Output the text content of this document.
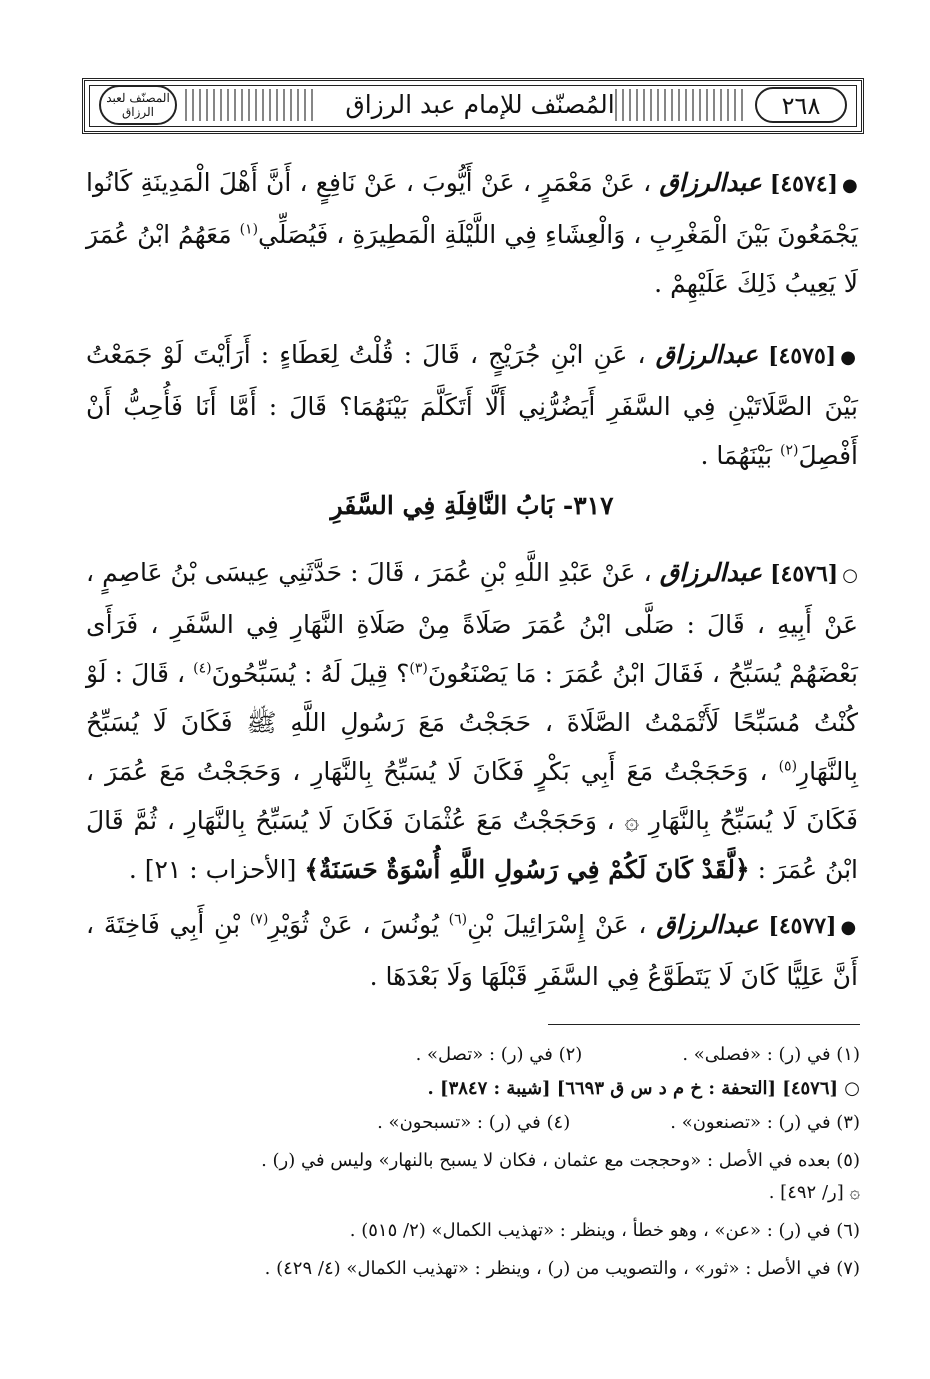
المُصنّف للإمام عبد الرزاق	٢٦٨
المصنّف لعبد الرزاق
●[٤٥٧٤] عبدالرزاق ، عَنْ مَعْمَرٍ ، عَنْ أَيُّوبَ ، عَنْ نَافِعٍ ، أَنَّ أَهْلَ الْمَدِينَةِ كَانُوا يَجْمَعُونَ بَيْنَ الْمَغْرِبِ ، وَالْعِشَاءِ فِي اللَّيْلَةِ الْمَطِيرَةِ ، فَيُصَلِّي$^{(١)}$ مَعَهُمُ ابْنُ عُمَرَ لَا يَعِيبُ ذَلِكَ عَلَيْهِمْ .
●[٤٥٧٥] عبدالرزاق ، عَنِ ابْنِ جُرَيْجٍ ، قَالَ : قُلْتُ لِعَطَاءٍ : أَرَأَيْتَ لَوْ جَمَعْتُ بَيْنَ الصَّلَاتَيْنِ فِي السَّفَرِ أَيَضُرُّنِي أَلَّا أَتَكَلَّمَ بَيْنَهُمَا؟ قَالَ : أَمَّا أَنَا فَأُحِبُّ أَنْ أَفْصِلَ$^{(٢)}$ بَيْنَهُمَا .
٣١٧- بَابُ النَّافِلَةِ فِي السَّفَرِ
○[٤٥٧٦] عبدالرزاق ، عَنْ عَبْدِ اللَّهِ بْنِ عُمَرَ ، قَالَ : حَدَّثَنِي عِيسَى بْنُ عَاصِمٍ ، عَنْ أَبِيهِ ، قَالَ : صَلَّى ابْنُ عُمَرَ صَلَاةً مِنْ صَلَاةِ النَّهَارِ فِي السَّفَرِ ، فَرَأَى بَعْضَهُمْ يُسَبِّحُ ، فَقَالَ ابْنُ عُمَرَ : مَا يَصْنَعُونَ$^{(٣)}$؟ قِيلَ لَهُ : يُسَبِّحُونَ$^{(٤)}$ ، قَالَ : لَوْ كُنْتُ مُسَبِّحًا لَأَتْمَمْتُ الصَّلَاةَ ، حَجَجْتُ مَعَ رَسُولِ اللَّهِ ﷺ فَكَانَ لَا يُسَبِّحُ بِالنَّهَارِ$^{(٥)}$ ، وَحَجَجْتُ مَعَ أَبِي بَكْرٍ فَكَانَ لَا يُسَبِّحُ بِالنَّهَارِ ، وَحَجَجْتُ مَعَ عُمَرَ ، فَكَانَ لَا يُسَبِّحُ بِالنَّهَارِ ۞ ، وَحَجَجْتُ مَعَ عُثْمَانَ فَكَانَ لَا يُسَبِّحُ بِالنَّهَارِ ، ثُمَّ قَالَ ابْنُ عُمَرَ : ﴿لَّقَدْ كَانَ لَكُمْ فِي رَسُولِ اللَّهِ أُسْوَةٌ حَسَنَةٌ﴾ [الأحزاب : ٢١] .
●[٤٥٧٧] عبدالرزاق ، عَنْ إِسْرَائِيلَ بْنِ$^{(٦)}$ يُونُسَ ، عَنْ ثُوَيْرِ$^{(٧)}$ بْنِ أَبِي فَاخِتَةَ ، أَنَّ عَلِيًّا كَانَ لَا يَتَطَوَّعُ فِي السَّفَرِ قَبْلَهَا وَلَا بَعْدَهَا .
(١) في (ر) : «فصلى» .
(٢) في (ر) : «تصل» .
○ [٤٥٧٦] [التحفة : خ م د س ق ٦٦٩٣] [شيبة : ٣٨٤٧] .
(٣) في (ر) : «تصنعون» .
(٤) في (ر) : «تسبحون» .
(٥) بعده في الأصل : «وحججت مع عثمان ، فكان لا يسبح بالنهار» وليس في (ر) .
۞ [ر/ ٤٩٢] .
(٦) في (ر) : «عن» ، وهو خطأ ، وينظر : «تهذيب الكمال» (٢/ ٥١٥) .
(٧) في الأصل : «ثور» ، والتصويب من (ر) ، وينظر : «تهذيب الكمال» (٤/ ٤٢٩) .
